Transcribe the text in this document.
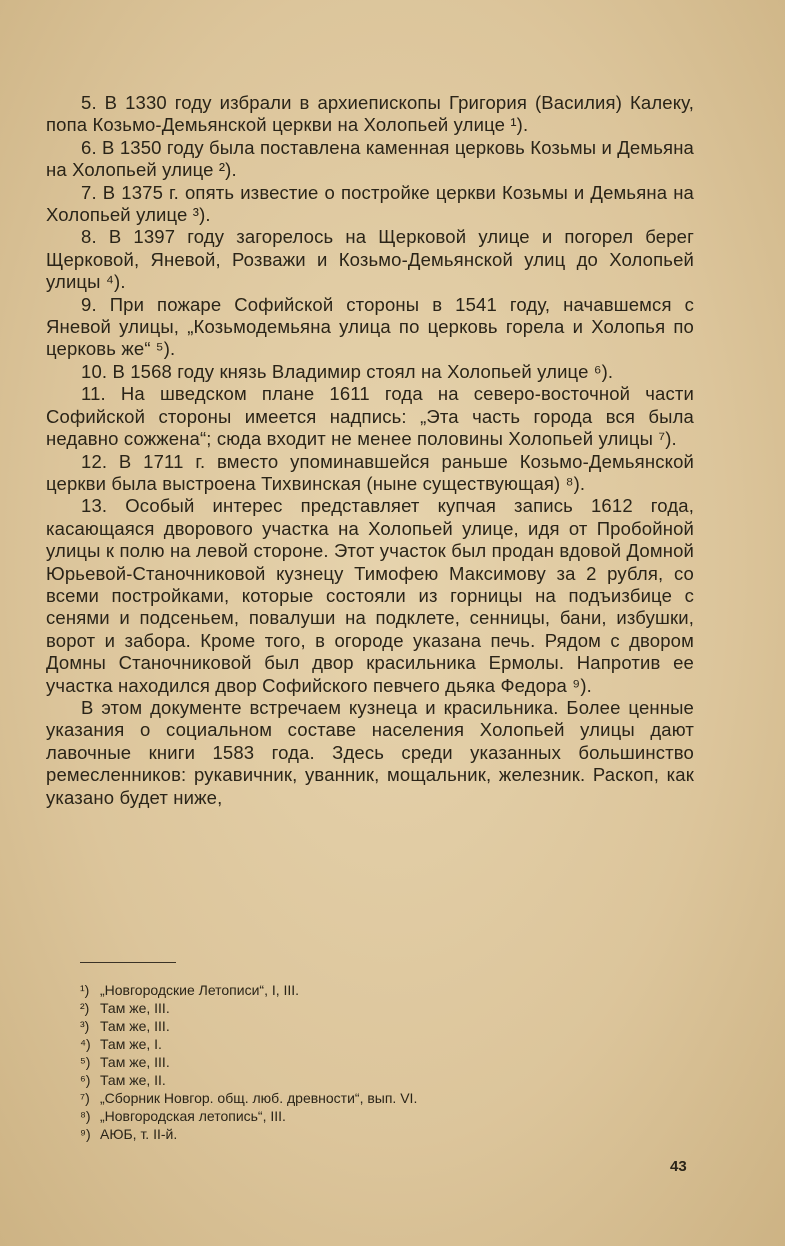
5. В 1330 году избрали в архиепископы Григория (Василия) Калеку, попа Козьмо-Демьянской церкви на Холопьей улице ¹).

6. В 1350 году была поставлена каменная церковь Козьмы и Демьяна на Холопьей улице ²).

7. В 1375 г. опять известие о постройке церкви Козьмы и Демьяна на Холопьей улице ³).

8. В 1397 году загорелось на Щерковой улице и погорел берег Щерковой, Яневой, Розважи и Козьмо-Демьянской улиц до Холопьей улицы ⁴).

9. При пожаре Софийской стороны в 1541 году, начавшемся с Яневой улицы, „Козьмодемьяна улица по церковь горела и Холопья по церковь же“ ⁵).

10. В 1568 году князь Владимир стоял на Холопьей улице ⁶).

11. На шведском плане 1611 года на северо-восточной части Софийской стороны имеется надпись: „Эта часть города вся была недавно сожжена“; сюда входит не менее половины Холопьей улицы ⁷).

12. В 1711 г. вместо упоминавшейся раньше Козьмо-Демьянской церкви была выстроена Тихвинская (ныне существующая) ⁸).

13. Особый интерес представляет купчая запись 1612 года, касающаяся дворового участка на Холопьей улице, идя от Пробойной улицы к полю на левой стороне. Этот участок был продан вдовой Домной Юрьевой-Станочниковой кузнецу Тимофею Максимову за 2 рубля, со всеми постройками, которые состояли из горницы на подъизбице с сенями и подсеньем, повалуши на подклете, сенницы, бани, избушки, ворот и забора. Кроме того, в огороде указана печь. Рядом с двором Домны Станочниковой был двор красильника Ермолы. Напротив ее участка находился двор Софийского певчего дьяка Федора ⁹).

В этом документе встречаем кузнеца и красильника. Более ценные указания о социальном составе населения Холопьей улицы дают лавочные книги 1583 года. Здесь среди указанных большинство ремесленников: рукавичник, уванник, мощальник, железник. Раскоп, как указано будет ниже,

¹) „Новгородские Летописи“, I, III.
²) Там же, III.
³) Там же, III.
⁴) Там же, I.
⁵) Там же, III.
⁶) Там же, II.
⁷) „Сборник Новгор. общ. люб. древности“, вып. VI.
⁸) „Новгородская летопись“, III.
⁹) АЮБ, т. II-й.
43
